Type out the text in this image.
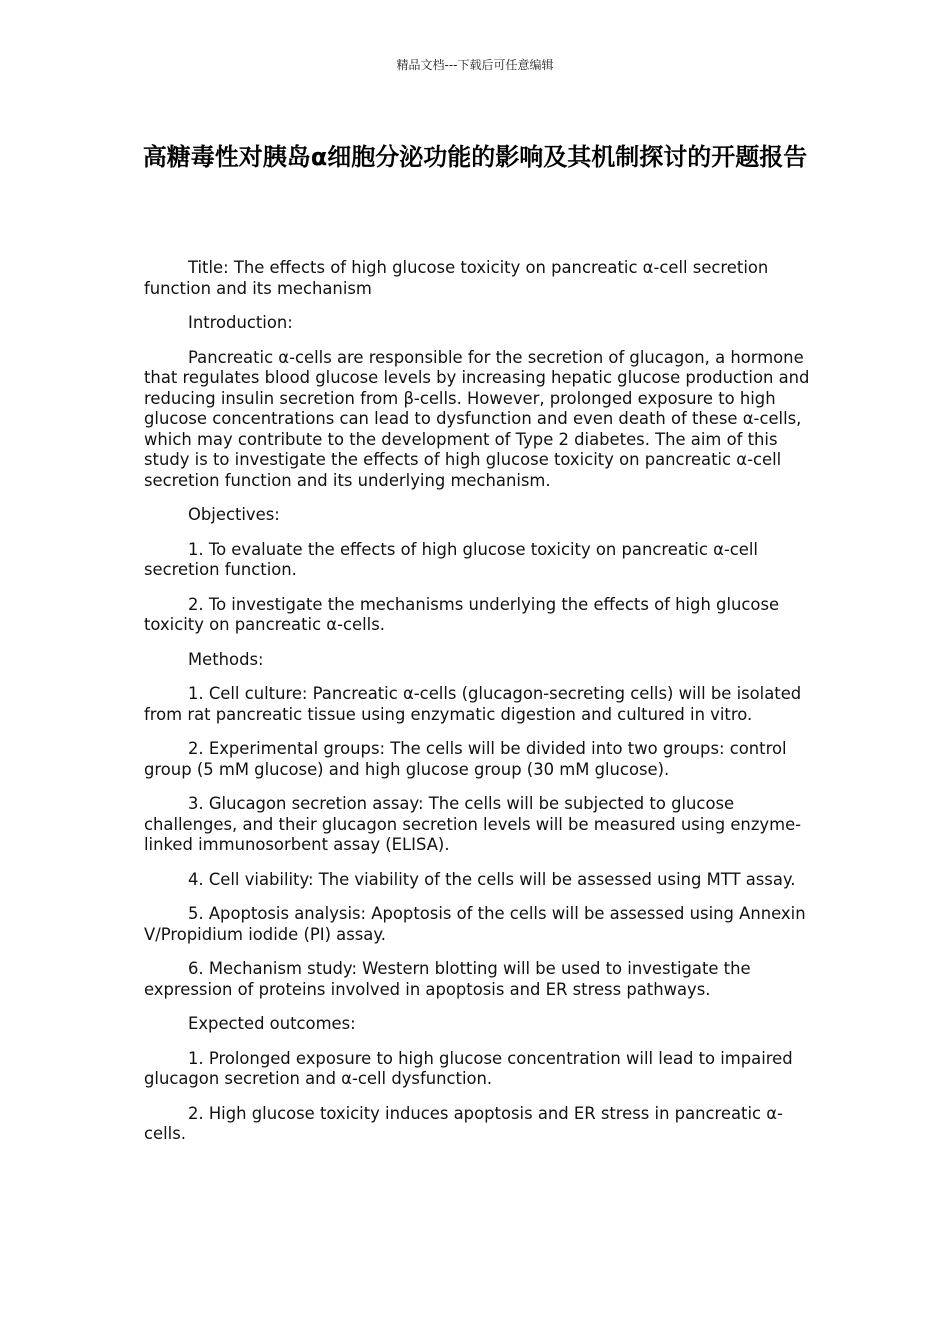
精品文档---下载后可任意编辑
高糖毒性对胰岛α细胞分泌功能的影响及其机制探讨的开题报告

Title: The effects of high glucose toxicity on pancreatic α-cell secretion function and its mechanism

Introduction:

Pancreatic α-cells are responsible for the secretion of glucagon, a hormone that regulates blood glucose levels by increasing hepatic glucose production and reducing insulin secretion from β-cells. However, prolonged exposure to high glucose concentrations can lead to dysfunction and even death of these α-cells, which may contribute to the development of Type 2 diabetes. The aim of this study is to investigate the effects of high glucose toxicity on pancreatic α-cell secretion function and its underlying mechanism.

Objectives:

1. To evaluate the effects of high glucose toxicity on pancreatic α-cell secretion function.

2. To investigate the mechanisms underlying the effects of high glucose toxicity on pancreatic α-cells.

Methods:

1. Cell culture: Pancreatic α-cells (glucagon-secreting cells) will be isolated from rat pancreatic tissue using enzymatic digestion and cultured in vitro.

2. Experimental groups: The cells will be divided into two groups: control group (5 mM glucose) and high glucose group (30 mM glucose).

3. Glucagon secretion assay: The cells will be subjected to glucose challenges, and their glucagon secretion levels will be measured using enzyme-linked immunosorbent assay (ELISA).

4. Cell viability: The viability of the cells will be assessed using MTT assay.

5. Apoptosis analysis: Apoptosis of the cells will be assessed using Annexin V/Propidium iodide (PI) assay.

6. Mechanism study: Western blotting will be used to investigate the expression of proteins involved in apoptosis and ER stress pathways.

Expected outcomes:

1. Prolonged exposure to high glucose concentration will lead to impaired glucagon secretion and α-cell dysfunction.

2. High glucose toxicity induces apoptosis and ER stress in pancreatic α-cells.
